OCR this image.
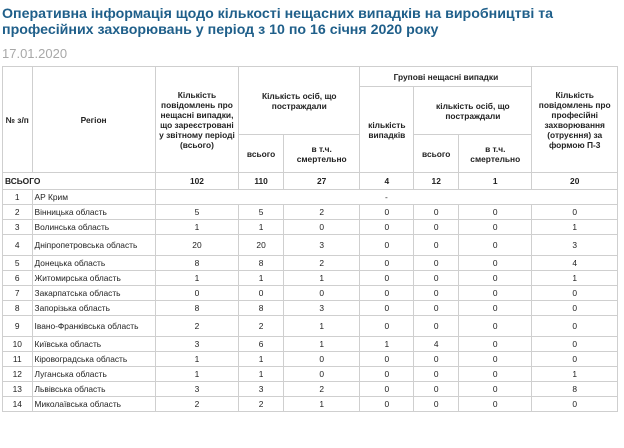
Оперативна інформація щодо кількості нещасних випадків на виробництві та професійних захворювань у період з 10 по 16 січня 2020 року
17.01.2020
№ з/п	Регіон	Кількість повідомлень про нещасні випадки, що зареєстровані у звітному періоді (всього)	Кількість осіб, що постраждали		Групові нещасні випадки			Кількість повідомлень про професійні захворювання (отруєння) за формою П-3
					кількість випадків	кількість осіб, що постраждали		
			всього	в т.ч. смертельно		всього	в т.ч. смертельно	
ВСЬОГО		102	110	27	4	12	1	20
1	АР Крим	-						
2	Вінницька область	5	5	2	0	0	0	0
3	Волинська область	1	1	0	0	0	0	1
4	Дніпропетровська область	20	20	3	0	0	0	3
5	Донецька область	8	8	2	0	0	0	4
6	Житомирська область	1	1	1	0	0	0	1
7	Закарпатська область	0	0	0	0	0	0	0
8	Запорізька область	8	8	3	0	0	0	0
9	Івано-Франківська область	2	2	1	0	0	0	0
10	Київська область	3	6	1	1	4	0	0
11	Кіровоградська область	1	1	0	0	0	0	0
12	Луганська область	1	1	0	0	0	0	1
13	Львівська область	3	3	2	0	0	0	8
14	Миколаївська область	2	2	1	0	0	0	0
